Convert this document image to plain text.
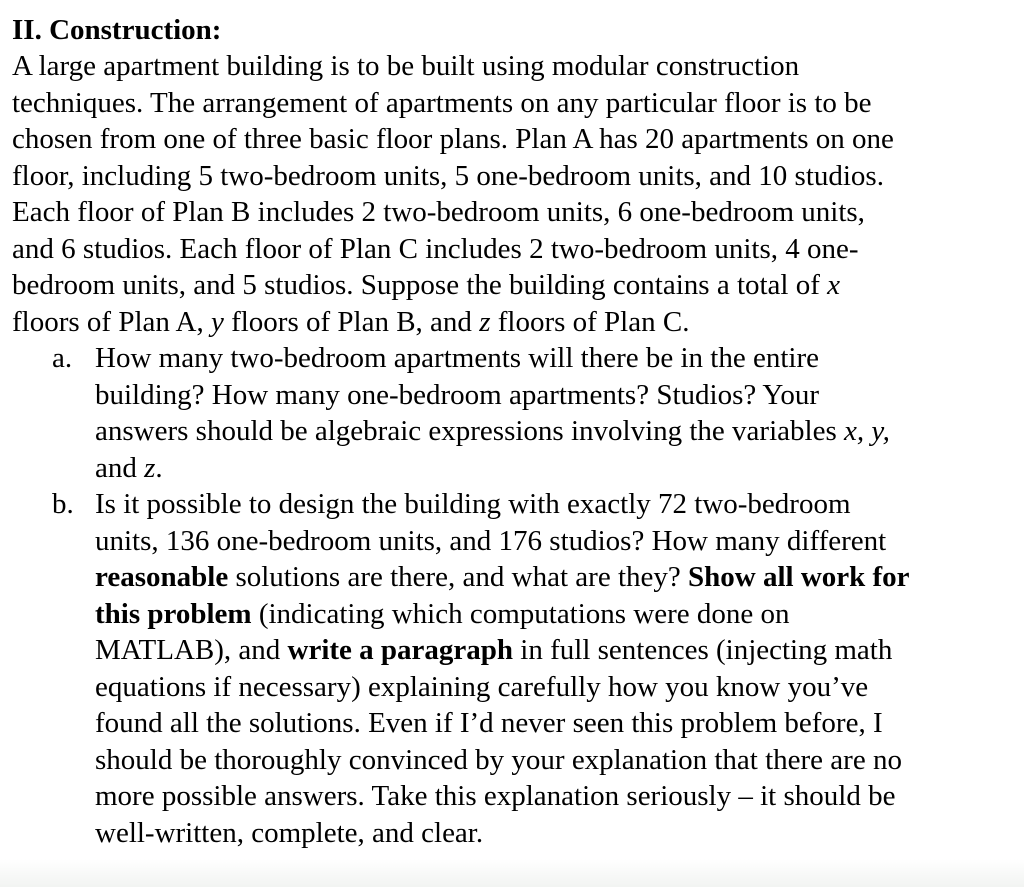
II. Construction:
A large apartment building is to be built using modular construction
techniques. The arrangement of apartments on any particular floor is to be
chosen from one of three basic floor plans. Plan A has 20 apartments on one
floor, including 5 two-bedroom units, 5 one-bedroom units, and 10 studios.
Each floor of Plan B includes 2 two-bedroom units, 6 one-bedroom units,
and 6 studios. Each floor of Plan C includes 2 two-bedroom units, 4 one-
bedroom units, and 5 studios. Suppose the building contains a total of x
floors of Plan A, y floors of Plan B, and z floors of Plan C.
a. How many two-bedroom apartments will there be in the entire
building? How many one-bedroom apartments? Studios? Your
answers should be algebraic expressions involving the variables x, y,
and z.
b. Is it possible to design the building with exactly 72 two-bedroom
units, 136 one-bedroom units, and 176 studios? How many different
reasonable solutions are there, and what are they? Show all work for
this problem (indicating which computations were done on
MATLAB), and write a paragraph in full sentences (injecting math
equations if necessary) explaining carefully how you know you’ve
found all the solutions. Even if I’d never seen this problem before, I
should be thoroughly convinced by your explanation that there are no
more possible answers. Take this explanation seriously – it should be
well-written, complete, and clear.
